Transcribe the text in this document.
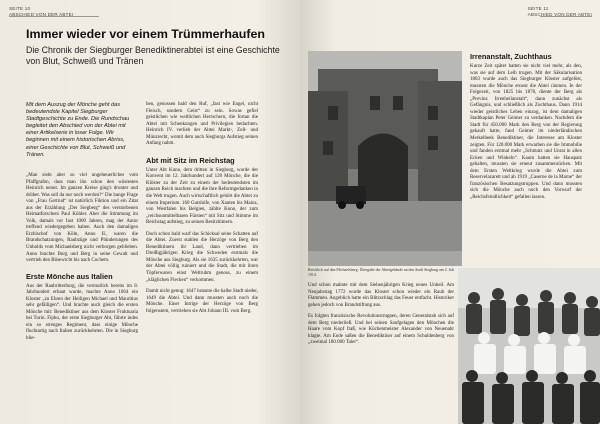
SEITE 10
ABSCHIED VON DER ABTEI
Immer wieder vor einem Trümmerhaufen

Die Chronik der Siegburger Benediktinerabtei ist eine Geschichte von Blut, Schweiß und Tränen

Mit dem Auszug der Mönche geht das bedeutendste Kapitel Siegburger Stadtgeschichte zu Ende. Die Rundschau begleitet den Abschied von der Abtei mit einer Artikelserie in loser Folge. Wir beginnen mit einem historischen Abriss, einer Geschichte von Blut, Schweiß und Tränen.

„Man sieht aber so viel ungeheuerliches vom Pfaffgrafen, dass man ihn schon den wüstesten Heinrich nennt. Im ganzen Kreise ging's drunter und drüber. Was soll da nur noch werden?“ Die bange Frage von „Frau Gertrud“ ist natürlich Fiktion und ein Zitat aus der Erzählung „Der Siegberg“ des verstorbenen Heimatforschers Paul Kühler. Aber die Stimmung im Volk, damals vor fast 1000 Jahren, mag der Autor treffend wiedergegeben haben. Auch den damaligen Erzbischof von Köln, Anno II., waren die Brandschatzungen, Raubzüge und Plünderungen des Unholds vom Michaelsberg nicht verborgen geblieben. Anno brachte Burg und Berg in seine Gewalt und vertrieb den Bösewicht bis nach Cochem.

Erste Mönche aus Italien

Aus der Raubritterburg, die vermutlich bereits im 8. Jahrhundert erbaut wurde, machte Anno 1064 ein Kloster „zu Ehren der Heiligen Michael und Mauritius sehr gefälligen“. Und brachte auch gleich die ersten Mönche mit: Benediktiner aus dem Kloster Fruktuaria bei Turin. Fiphu, der erste Siegburger Abt, führte indes ein so strenges Regiment, dass einige Mönche fluchtartig nach Italien zurückkehrten. Die in Siegburg blie-

ben, genossen bald den Ruf, „fast wie Engel, nicht Fleisch, sondern Geist“ zu sein. Sowas gefiel geistlichen wie weltlichen Herrschern, die fortan die Abtei mit Schenkungen und Privilegien bedachten. Heinrich IV. verlieh der Abtei Markt-, Zoll- und Münzrecht, womit dem auch Siegburgs Aufstieg seinen Anfang nahm.

Abt mit Sitz im Reichstag

Unter Abt Kuno, dem dritten in Siegburg, wurde der Konvent im 12. Jahrhundert auf 120 Mönche, die die Klöster zu der Zeit zu einem der bedeutendsten im ganzen Reich machten und die ihre Reformgedanken in die Welt trugen. Auch wirtschaftlich gehört die Abtei zu einem Imperium. 160 Gutshöfe, von Xanten bis Mainz, von Westfalen bis Belgien, zählte Kuno, der zum „reichsunmittelbaren Fürsten“ mit Sitz und Stimme im Reichstag aufstieg, zu seinen Besitztümern.

Doch schon bald warf das Schicksal seine Schatten auf die Abtei. Zuerst stahlen die Herzöge von Berg den Benediktinern ihr Land, dann vertrieben im Dreißigjährigen Krieg die Schweden erstmals die Mönche aus Siegburg. Als sie 1635 zurückkehrten, war der Abtei völlig ruiniert und die Stadt, die mit ihren Töpferwaren einst Weltruhm genoss, zu einem „kläglichen Flecken“ verkommen.

Damit nicht genug: 1647 brannte die halbe Stadt nieder, 1649 die Abtei. Und dann mussten auch noch die Mönche. Einer Intrige der Herzöge von Berg folgenstem, vertrieben sie Abt Johann III. vom Berg.

SEITE 11
ABSCHIED VON DER ABTEI
Reichlich auf den Michaelsberg: Übergabe der Abteigebäude an den Stadt Siegburg am 2. Juli 1914.
Irrenanstalt, Zuchthaus

Kurze Zeit später hatten sie nicht viel mehr, als den, was sie auf dem Leib trugen. Mit der Säkularisation 1803 wurde auch das Siegburger Kloster aufgelöst, mussten die Mönche erneut die Abtei räumen. In der Folgezeit, von 1825 bis 1878, diente der Berg als „Provinz Irrenheilanstalt“, dann zunächst als Gefängnis, und schließlich als Zuchthaus. Dann 1914 wieder geistliches Leben einzog, ist dem damaligen Stadtkaplan Peter Geimer zu verdanken. Nachdem die Stadt für 450.000 Mark den Berg von der Regierung gekauft hatte, fand Geimer im niederländischen Merkelbeek Benediktiner, die Interesse am Kloster zeigten. Für 120.000 Mark erwarben sie die Immobilie und fanden erstmal mehr „Schmutz und Unrat in allen Ecken und Winkeln“. Kaum hatten sie Hauspatz gehalten, mussten sie erneut zusammenrücken. Mit dem Ersten Weltkrieg wurde die Abtei zum Reservelazarett und ab 1919 „Caserne de la Marne“ der französischen Besatzungstruppen. Und dann mussten sich die Mönche auch noch den Vorwurf der „Reichsfeindlichkeit“ gefallen lassen.

Und schon mahnte mit dem Siebenjährigen Krieg neues Unheil. Am Neujahrstag 1772 wurde das Kloster schon wieder ein Raub der Flammen. Angeblich hatte ein Blitzschlag das Feuer entfacht. Historiker gehen jedoch von Brandstiftung aus.

Es folgten französische Revolutionstruppen, deren Generalstab sich auf dem Berg niederließ. Und bei seinen Saufgelagen den Mönchen die Haare vom Kopf fraß, wie Küchenmeister Alexander von Neuenahr klagte. Am Ende saßen die Benediktiner auf einem Schuldenberg von „zweimal 180.000 Taler“.
